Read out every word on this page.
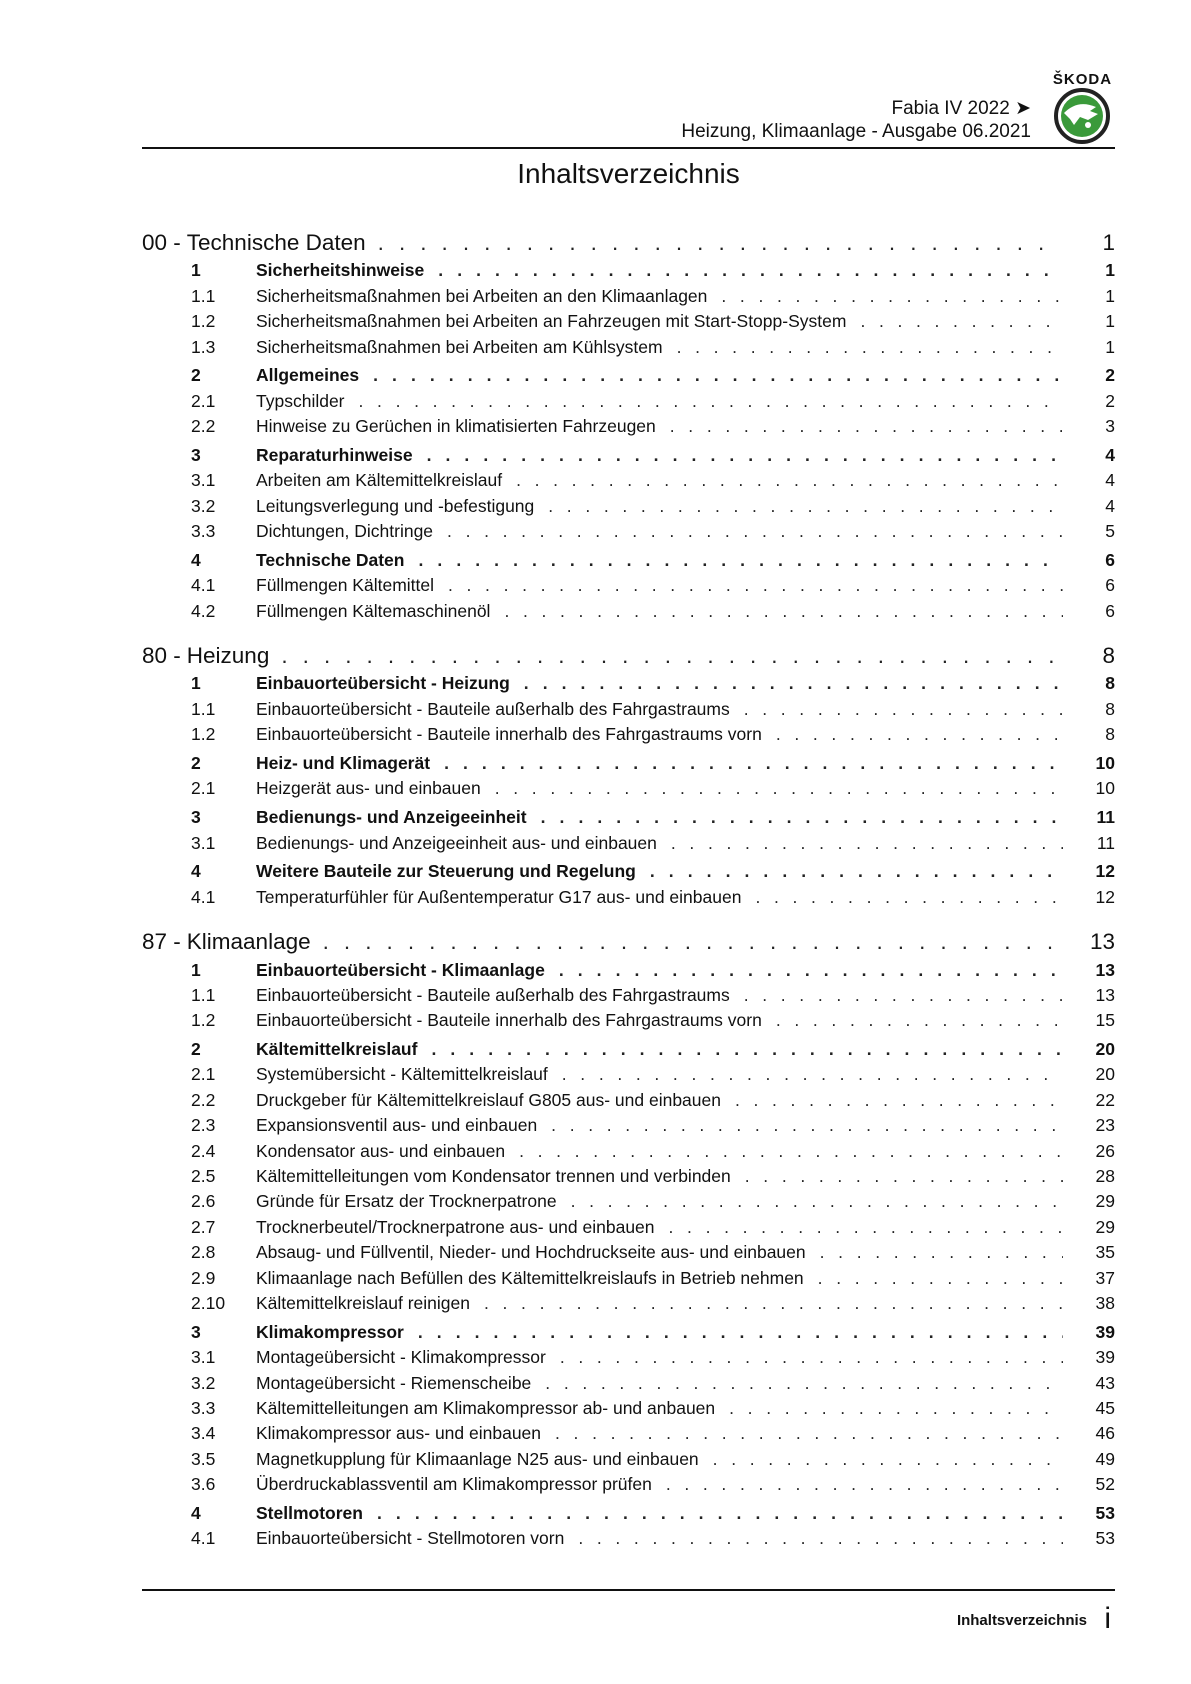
ŠKODA
Fabia IV 2022 ➤
Heizung, Klimaanlage - Ausgabe 06.2021
Inhaltsverzeichnis
00 - Technische Daten . . .	1
1	Sicherheitshinweise . . .	1
1.1	Sicherheitsmaßnahmen bei Arbeiten an den Klimaanlagen . . .	1
1.2	Sicherheitsmaßnahmen bei Arbeiten an Fahrzeugen mit Start-Stopp-System . . .	1
1.3	Sicherheitsmaßnahmen bei Arbeiten am Kühlsystem . . .	1
2	Allgemeines . . .	2
2.1	Typschilder . . .	2
2.2	Hinweise zu Gerüchen in klimatisierten Fahrzeugen . . .	3
3	Reparaturhinweise . . .	4
3.1	Arbeiten am Kältemittelkreislauf . . .	4
3.2	Leitungsverlegung und -befestigung . . .	4
3.3	Dichtungen, Dichtringe . . .	5
4	Technische Daten . . .	6
4.1	Füllmengen Kältemittel . . .	6
4.2	Füllmengen Kältemaschinenöl . . .	6
80 - Heizung . . .	8
1	Einbauorteübersicht - Heizung . . .	8
1.1	Einbauorteübersicht - Bauteile außerhalb des Fahrgastraums . . .	8
1.2	Einbauorteübersicht - Bauteile innerhalb des Fahrgastraums vorn . . .	8
2	Heiz- und Klimagerät . . .	10
2.1	Heizgerät aus- und einbauen . . .	10
3	Bedienungs- und Anzeigeeinheit . . .	11
3.1	Bedienungs- und Anzeigeeinheit aus- und einbauen . . .	11
4	Weitere Bauteile zur Steuerung und Regelung . . .	12
4.1	Temperaturfühler für Außentemperatur G17 aus- und einbauen . . .	12
87 - Klimaanlage . . .	13
1	Einbauorteübersicht - Klimaanlage . . .	13
1.1	Einbauorteübersicht - Bauteile außerhalb des Fahrgastraums . . .	13
1.2	Einbauorteübersicht - Bauteile innerhalb des Fahrgastraums vorn . . .	15
2	Kältemittelkreislauf . . .	20
2.1	Systemübersicht - Kältemittelkreislauf . . .	20
2.2	Druckgeber für Kältemittelkreislauf G805 aus- und einbauen . . .	22
2.3	Expansionsventil aus- und einbauen . . .	23
2.4	Kondensator aus- und einbauen . . .	26
2.5	Kältemittelleitungen vom Kondensator trennen und verbinden . . .	28
2.6	Gründe für Ersatz der Trocknerpatrone . . .	29
2.7	Trocknerbeutel/Trocknerpatrone aus- und einbauen . . .	29
2.8	Absaug- und Füllventil, Nieder- und Hochdruckseite aus- und einbauen . . .	35
2.9	Klimaanlage nach Befüllen des Kältemittelkreislaufs in Betrieb nehmen . . .	37
2.10	Kältemittelkreislauf reinigen . . .	38
3	Klimakompressor . . .	39
3.1	Montageübersicht - Klimakompressor . . .	39
3.2	Montageübersicht - Riemenscheibe . . .	43
3.3	Kältemittelleitungen am Klimakompressor ab- und anbauen . . .	45
3.4	Klimakompressor aus- und einbauen . . .	46
3.5	Magnetkupplung für Klimaanlage N25 aus- und einbauen . . .	49
3.6	Überdruckablassventil am Klimakompressor prüfen . . .	52
4	Stellmotoren . . .	53
4.1	Einbauorteübersicht - Stellmotoren vorn . . .	53
Inhaltsverzeichnis i
